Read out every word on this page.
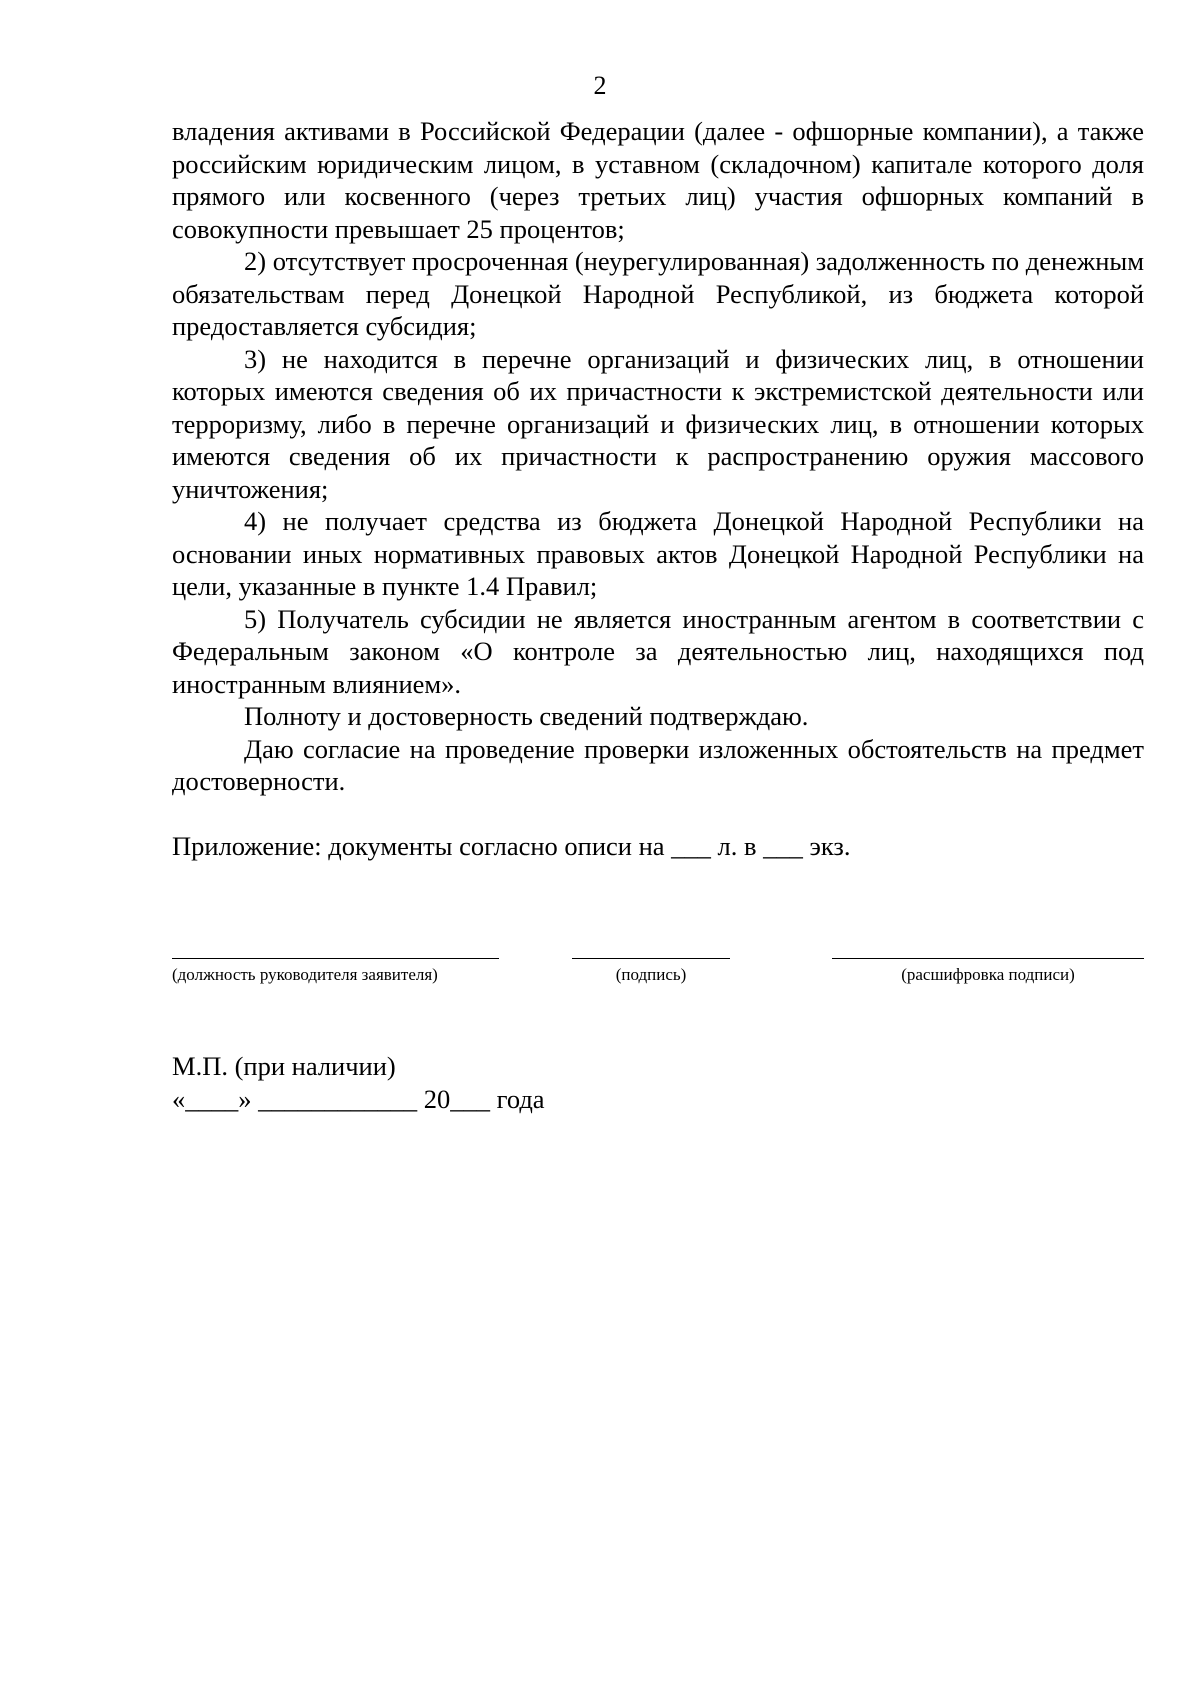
2

владения активами в Российской Федерации (далее - офшорные компании), а также российским юридическим лицом, в уставном (складочном) капитале которого доля прямого или косвенного (через третьих лиц) участия офшорных компаний в совокупности превышает 25 процентов;

2) отсутствует просроченная (неурегулированная) задолженность по денежным обязательствам перед Донецкой Народной Республикой, из бюджета которой предоставляется субсидия;

3) не находится в перечне организаций и физических лиц, в отношении которых имеются сведения об их причастности к экстремистской деятельности или терроризму, либо в перечне организаций и физических лиц, в отношении которых имеются сведения об их причастности к распространению оружия массового уничтожения;

4) не получает средства из бюджета Донецкой Народной Республики на основании иных нормативных правовых актов Донецкой Народной Республики на цели, указанные в пункте 1.4 Правил;

5) Получатель субсидии не является иностранным агентом в соответствии с Федеральным законом «О контроле за деятельностью лиц, находящихся под иностранным влиянием».

Полноту и достоверность сведений подтверждаю.

Даю согласие на проведение проверки изложенных обстоятельств на предмет достоверности.

Приложение: документы согласно описи на ___ л. в ___ экз.

(должность руководителя заявителя)	(подпись)	(расшифровка подписи)

М.П. (при наличии)

«____» ____________ 20___ года
